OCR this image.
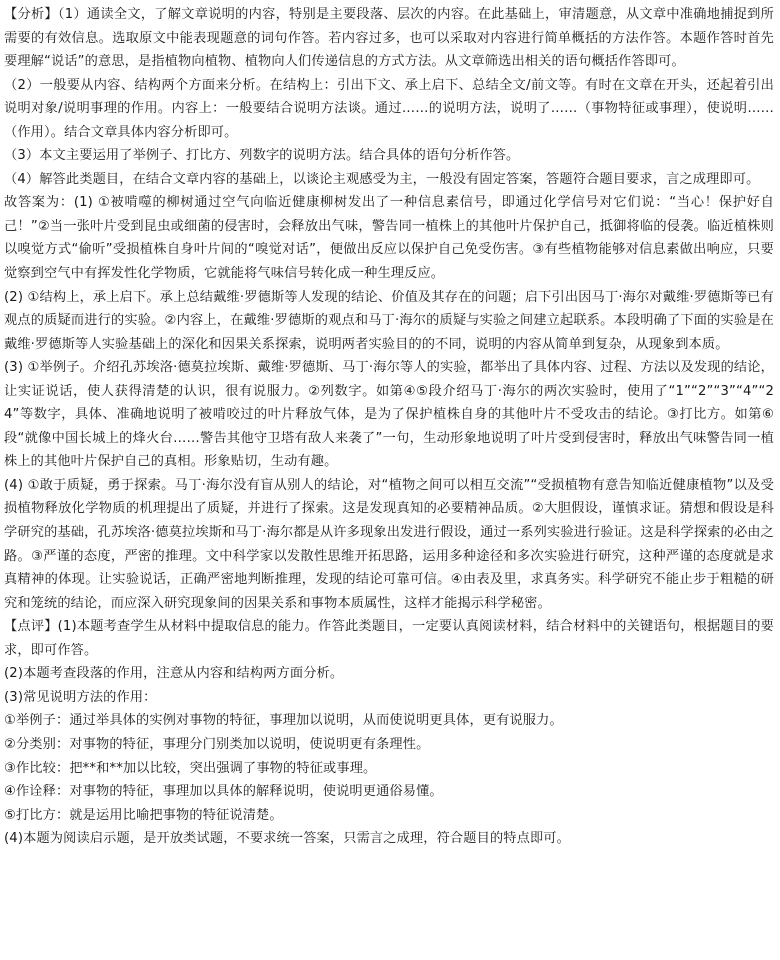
【分析】（1）通读全文，了解文章说明的内容，特别是主要段落、层次的内容。在此基础上，审清题意，从文章中准确地捕捉到所需要的有效信息。选取原文中能表现题意的词句作答。若内容过多，也可以采取对内容进行简单概括的方法作答。本题作答时首先要理解“说话”的意思，是指植物向植物、植物向人们传递信息的方式方法。从文章筛选出相关的语句概括作答即可。

（2）一般要从内容、结构两个方面来分析。在结构上：引出下文、承上启下、总结全文/前文等。有时在文章在开头，还起着引出说明对象/说明事理的作用。内容上：一般要结合说明方法谈。通过……的说明方法，说明了……（事物特征或事理），使说明……（作用）。结合文章具体内容分析即可。

（3）本文主要运用了举例子、打比方、列数字的说明方法。结合具体的语句分析作答。

（4）解答此类题目，在结合文章内容的基础上，以谈论主观感受为主，一般没有固定答案，答题符合题目要求，言之成理即可。

故答案为：(1) ①被啃噬的柳树通过空气向临近健康柳树发出了一种信息素信号，即通过化学信号对它们说：“当心！保护好自己！”②当一张叶片受到昆虫或细菌的侵害时，会释放出气味，警告同一植株上的其他叶片保护自己，抵御将临的侵袭。临近植株则以嗅觉方式“偷听”受损植株自身叶片间的“嗅觉对话”，便做出反应以保护自己免受伤害。③有些植物能够对信息素做出响应，只要觉察到空气中有挥发性化学物质，它就能将气味信号转化成一种生理反应。

(2) ①结构上，承上启下。承上总结戴维·罗德斯等人发现的结论、价值及其存在的问题；启下引出因马丁·海尔对戴维·罗德斯等已有观点的质疑而进行的实验。②内容上，在戴维·罗德斯的观点和马丁·海尔的质疑与实验之间建立起联系。本段明确了下面的实验是在戴维·罗德斯等人实验基础上的深化和因果关系探索，说明两者实验目的的不同，说明的内容从简单到复杂，从现象到本质。

(3) ①举例子。介绍孔苏埃洛·德莫拉埃斯、戴维·罗德斯、马丁·海尔等人的实验，都举出了具体内容、过程、方法以及发现的结论，让实证说话，使人获得清楚的认识，很有说服力。②列数字。如第④⑤段介绍马丁·海尔的两次实验时，使用了“1”“2”“3”“4”“24”等数字，具体、准确地说明了被啃咬过的叶片释放气体，是为了保护植株自身的其他叶片不受攻击的结论。③打比方。如第⑥段“就像中国长城上的烽火台……警告其他守卫塔有敌人来袭了”一句，生动形象地说明了叶片受到侵害时，释放出气味警告同一植株上的其他叶片保护自己的真相。形象贴切，生动有趣。

(4) ①敢于质疑，勇于探索。马丁·海尔没有盲从别人的结论，对“植物之间可以相互交流”“受损植物有意告知临近健康植物”以及受损植物释放化学物质的机理提出了质疑，并进行了探索。这是发现真知的必要精神品质。②大胆假设，谨慎求证。猜想和假设是科学研究的基础，孔苏埃洛·德莫拉埃斯和马丁·海尔都是从许多现象出发进行假设，通过一系列实验进行验证。这是科学探索的必由之路。③严谨的态度，严密的推理。文中科学家以发散性思维开拓思路，运用多种途径和多次实验进行研究，这种严谨的态度就是求真精神的体现。让实验说话，正确严密地判断推理，发现的结论可靠可信。④由表及里，求真务实。科学研究不能止步于粗糙的研究和笼统的结论，而应深入研究现象间的因果关系和事物本质属性，这样才能揭示科学秘密。

【点评】(1)本题考查学生从材料中提取信息的能力。作答此类题目，一定要认真阅读材料，结合材料中的关键语句，根据题目的要求，即可作答。

(2)本题考查段落的作用，注意从内容和结构两方面分析。

(3)常见说明方法的作用：

①举例子：通过举具体的实例对事物的特征，事理加以说明，从而使说明更具体，更有说服力。

②分类别：对事物的特征，事理分门别类加以说明，使说明更有条理性。

③作比较：把**和**加以比较，突出强调了事物的特征或事理。

④作诠释：对事物的特征，事理加以具体的解释说明，使说明更通俗易懂。

⑤打比方：就是运用比喻把事物的特征说清楚。

(4)本题为阅读启示题，是开放类试题，不要求统一答案，只需言之成理，符合题目的特点即可。
